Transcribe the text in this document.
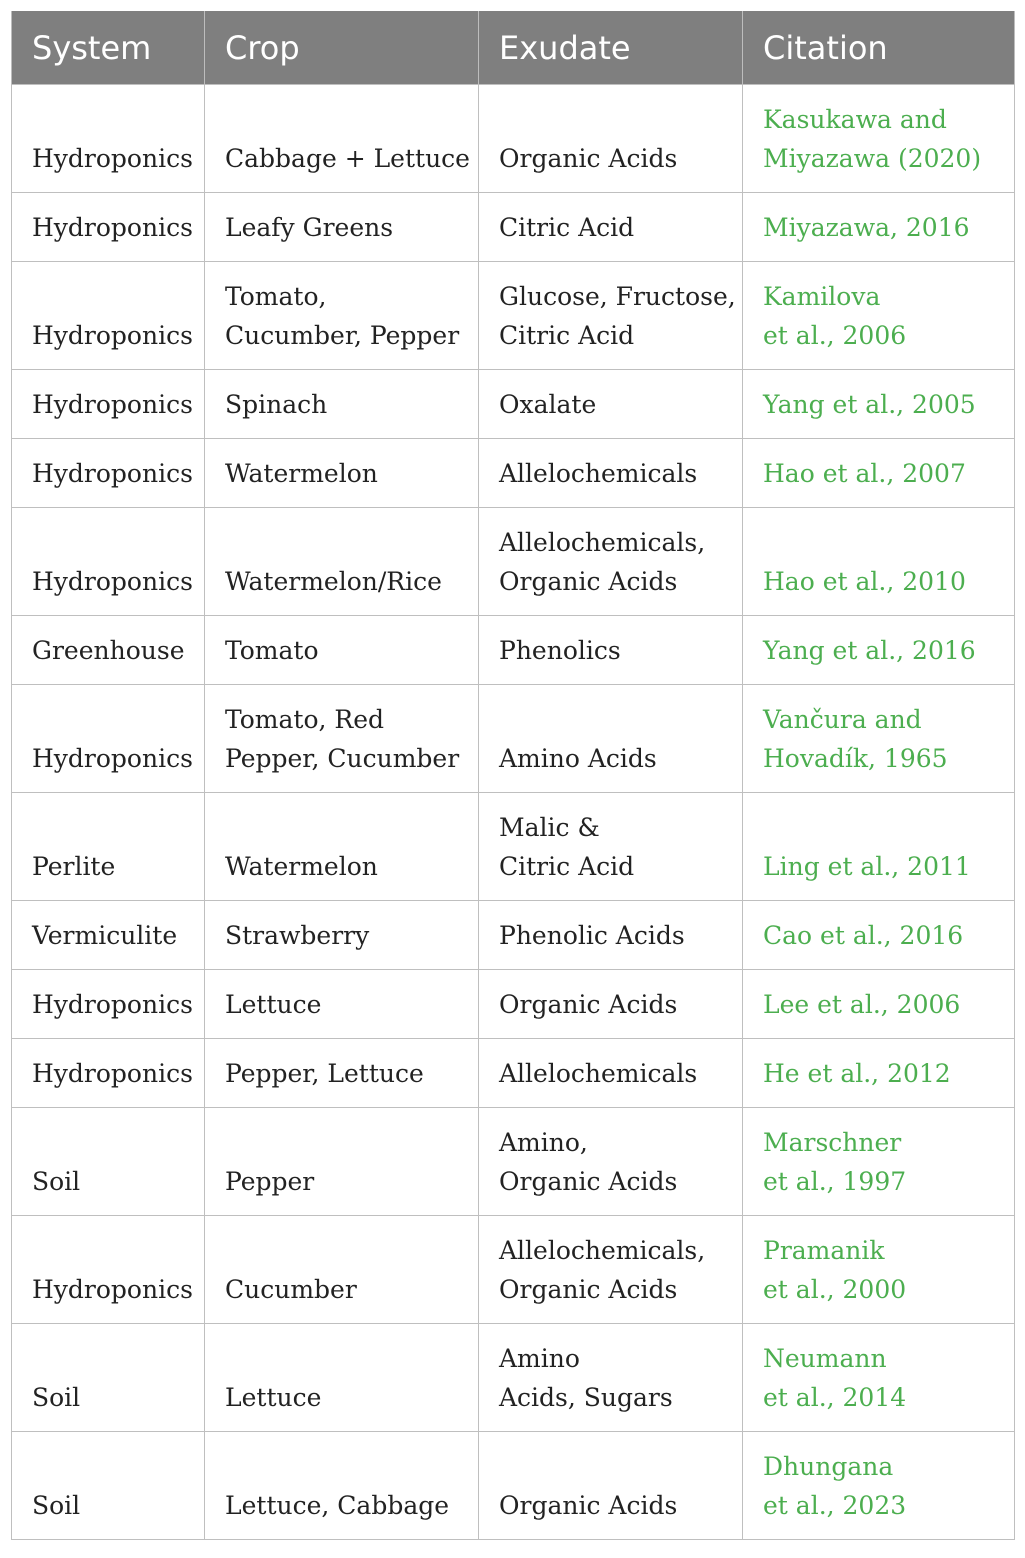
System	Crop	Exudate	Citation

Hydroponics	Cabbage + Lettuce	Organic Acids	Kasukawa and
Miyazawa (2020)

Hydroponics	Leafy Greens	Citric Acid	Miyazawa, 2016

Hydroponics	Tomato,
Cucumber, Pepper	Glucose, Fructose,
Citric Acid	Kamilova
et al., 2006

Hydroponics	Spinach	Oxalate	Yang et al., 2005

Hydroponics	Watermelon	Allelochemicals	Hao et al., 2007

Hydroponics	Watermelon/Rice	Allelochemicals,
Organic Acids	Hao et al., 2010

Greenhouse	Tomato	Phenolics	Yang et al., 2016

Hydroponics	Tomato, Red
Pepper, Cucumber	Amino Acids	Vančura and
Hovadík, 1965

Perlite	Watermelon	Malic &
Citric Acid	Ling et al., 2011

Vermiculite	Strawberry	Phenolic Acids	Cao et al., 2016

Hydroponics	Lettuce	Organic Acids	Lee et al., 2006

Hydroponics	Pepper, Lettuce	Allelochemicals	He et al., 2012

Soil	Pepper	Amino,
Organic Acids	Marschner
et al., 1997

Hydroponics	Cucumber	Allelochemicals,
Organic Acids	Pramanik
et al., 2000

Soil	Lettuce	Amino
Acids, Sugars	Neumann
et al., 2014

Soil	Lettuce, Cabbage	Organic Acids	Dhungana
et al., 2023
